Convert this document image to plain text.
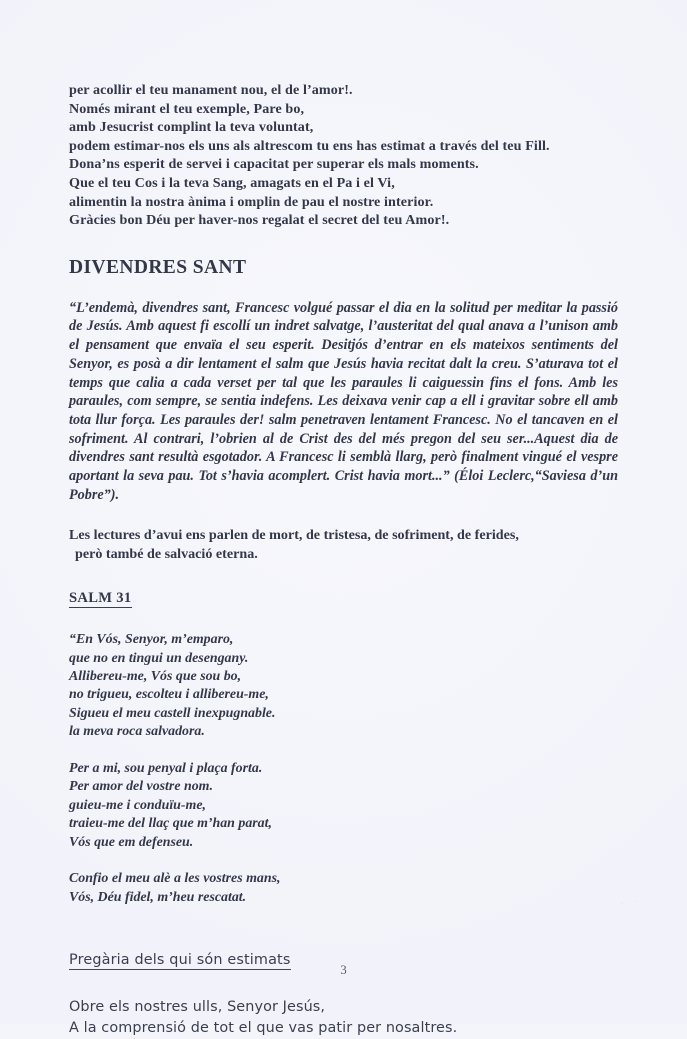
per acollir el teu manament nou, el de l’amor!.
Només mirant el teu exemple, Pare bo,
amb Jesucrist complint la teva voluntat,
podem estimar-nos els uns als altrescom tu ens has estimat a través del teu Fill.
Dona’ns esperit de servei i capacitat per superar els mals moments.
Que el teu Cos i la teva Sang, amagats en el Pa i el Vi,
alimentin la nostra ànima i omplin de pau el nostre interior.
Gràcies bon Déu per haver-nos regalat el secret del teu Amor!.
DIVENDRES SANT

“L’endemà, divendres sant, Francesc volgué passar el dia en la solitud per meditar la passió de Jesús. Amb aquest fi escollí un indret salvatge, l’austeritat del qual anava a l’unison amb el pensament que envaïa el seu esperit. Desitjós d’entrar en els mateixos sentiments del Senyor, es posà a dir lentament el salm que Jesús havia recitat dalt la creu. S’aturava tot el temps que calia a cada verset per tal que les paraules li caiguessin fins el fons. Amb les paraules, com sempre, se sentia indefens. Les deixava venir cap a ell i gravitar sobre ell amb tota llur força. Les paraules der! salm penetraven lentament Francesc. No el tancaven en el sofriment. Al contrari, l’obrien al de Crist des del més pregon del seu ser...Aquest dia de divendres sant resultà esgotador. A Francesc li semblà llarg, però finalment vingué el vespre aportant la seva pau. Tot s’havia acomplert. Crist havia mort...” (Éloi Leclerc,“Saviesa d’un Pobre”).

Les lectures d’avui ens parlen de mort, de tristesa, de sofriment, de ferides,
però també de salvació eterna.
SALM 31
“En Vós, Senyor, m’emparo,
que no en tingui un desengany.
Allibereu-me, Vós que sou bo,
no trigueu, escolteu i allibereu-me,
Sigueu el meu castell inexpugnable.
la meva roca salvadora.
Per a mi, sou penyal i plaça forta.
Per amor del vostre nom.
guieu-me i conduïu-me,
traieu-me del llaç que m’han parat,
Vós que em defenseu.
Confio el meu alè a les vostres mans,
Vós, Déu fidel, m’heu rescatat.
Pregària dels qui són estimats
Obre els nostres ulls, Senyor Jesús,
A la comprensió de tot el que vas patir per nosaltres.
3
